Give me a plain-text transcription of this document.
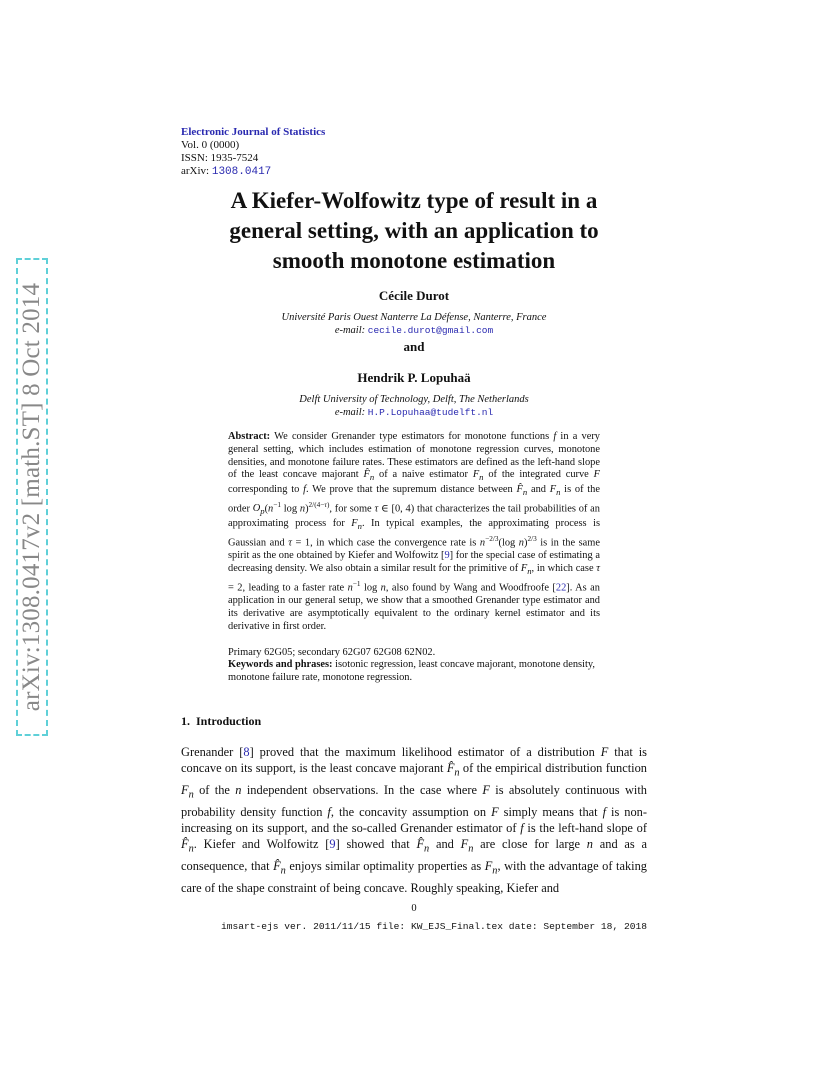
arXiv:1308.0417v2 [math.ST] 8 Oct 2014
Electronic Journal of Statistics
Vol. 0 (0000)
ISSN: 1935-7524
arXiv: 1308.0417
A Kiefer-Wolfowitz type of result in a
general setting, with an application to
smooth monotone estimation
Cécile Durot
Université Paris Ouest Nanterre La Défense, Nanterre, France
e-mail: cecile.durot@gmail.com
and
Hendrik P. Lopuhaä
Delft University of Technology, Delft, The Netherlands
e-mail: H.P.Lopuhaa@tudelft.nl
Abstract: We consider Grenander type estimators for monotone functions f in a very general setting, which includes estimation of monotone regression curves, monotone densities, and monotone failure rates. These estimators are defined as the left-hand slope of the least concave majorant $F̂_n$ of a naive estimator $F_n$ of the integrated curve F corresponding to f. We prove that the supremum distance between $F̂_n$ and $F_n$ is of the order $O_p(n^{-1}$ log n)$^{2/(4-\tau)}$, for some τ ∈ [0, 4) that characterizes the tail probabilities of an approximating process for $F_n$. In typical examples, the approximating process is Gaussian and τ = 1, in which case the convergence rate is $n^{-2/3}(\log$ n)$^{2/3}$ is in the same spirit as the one obtained by Kiefer and Wolfowitz [9] for the special case of estimating a decreasing density. We also obtain a similar result for the primitive of $F_n$, in which case τ = 2, leading to a faster rate $n^{-1}$ log n, also found by Wang and Woodfroofe [22]. As an application in our general setup, we show that a smoothed Grenander type estimator and its derivative are asymptotically equivalent to the ordinary kernel estimator and its derivative in first order.
Primary 62G05; secondary 62G07 62G08 62N02.
Keywords and phrases: isotonic regression, least concave majorant, monotone density, monotone failure rate, monotone regression.
1. Introduction
Grenander [8] proved that the maximum likelihood estimator of a distribution F that is concave on its support, is the least concave majorant $F̂_n$ of the empirical distribution function $F_n$ of the n independent observations. In the case where F is absolutely continuous with probability density function f, the concavity assumption on F simply means that f is non-increasing on its support, and the so-called Grenander estimator of f is the left-hand slope of $F̂_n$. Kiefer and Wolfowitz [9] showed that $F̂_n$ and $F_n$ are close for large n and as a consequence, that $F̂_n$ enjoys similar optimality properties as $F_n$, with the advantage of taking care of the shape constraint of being concave. Roughly speaking, Kiefer and
0
imsart-ejs ver. 2011/11/15 file: KW_EJS_Final.tex date: September 18, 2018
